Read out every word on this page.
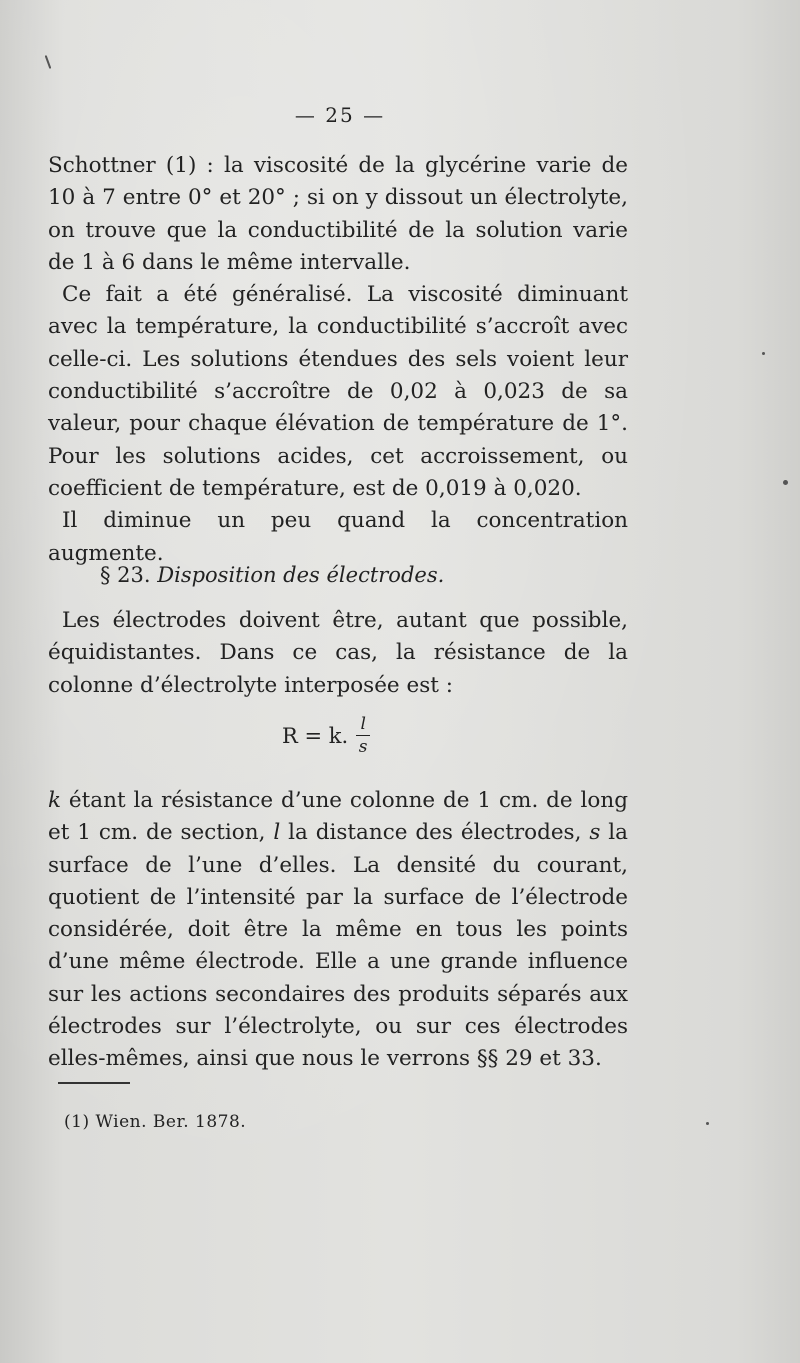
— 25 —

Schottner (1) : la viscosité de la glycérine varie de 10 à 7 entre 0° et 20° ; si on y dissout un électrolyte, on trouve que la conductibilité de la solution varie de 1 à 6 dans le même intervalle.

Ce fait a été généralisé. La viscosité diminuant avec la température, la conductibilité s’accroît avec celle-ci. Les solutions étendues des sels voient leur conductibilité s’accroître de 0,02 à 0,023 de sa valeur, pour chaque élévation de température de 1°. Pour les solutions acides, cet accroissement, ou coefficient de température, est de 0,019 à 0,020.

Il diminue un peu quand la concentration augmente.

§ 23. Disposition des électrodes.

Les électrodes doivent être, autant que possible, équidistantes. Dans ce cas, la résistance de la colonne d’électrolyte interposée est :

R = k. $\frac{l}{s}$

k étant la résistance d’une colonne de 1 cm. de long et 1 cm. de section, l la distance des électrodes, s la surface de l’une d’elles. La densité du courant, quotient de l’intensité par la surface de l’électrode considérée, doit être la même en tous les points d’une même électrode. Elle a une grande influence sur les actions secondaires des produits séparés aux électrodes sur l’électrolyte, ou sur ces électrodes elles-mêmes, ainsi que nous le verrons §§ 29 et 33.

(1) Wien. Ber. 1878.
